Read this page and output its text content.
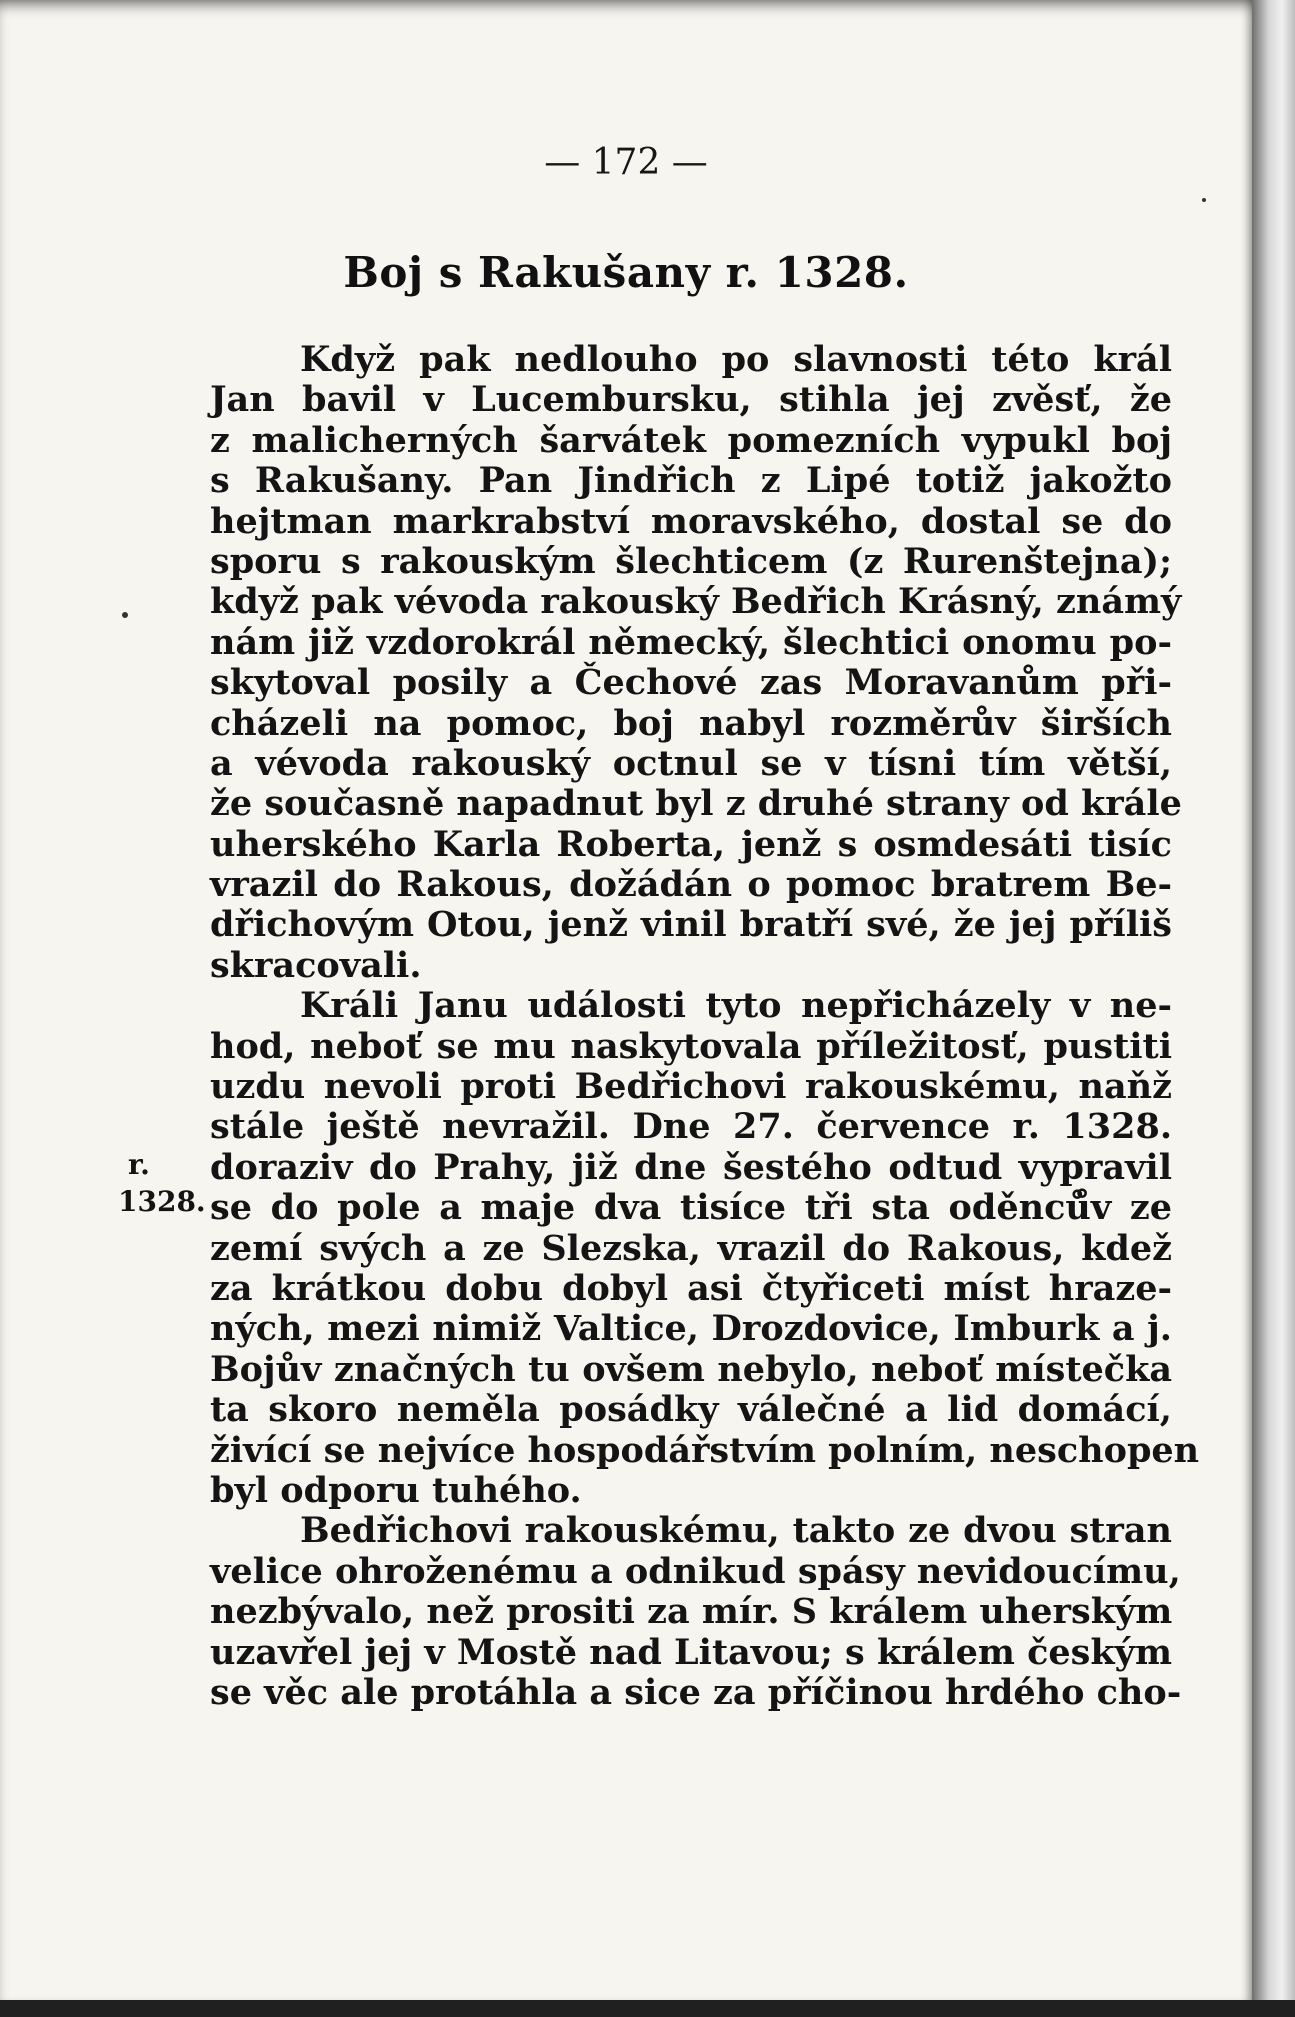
— 172 —
Boj s Rakušany r. 1328.
r.
1328.
Když pak nedlouho po slavnosti této král
Jan bavil v Lucembursku, stihla jej zvěsť, že
z malicherných šarvátek pomezních vypukl boj
s Rakušany. Pan Jindřich z Lipé totiž jakožto
hejtman markrabství moravského, dostal se do
sporu s rakouským šlechticem (z Rurenštejna);
když pak vévoda rakouský Bedřich Krásný, známý
nám již vzdorokrál německý, šlechtici onomu po-
skytoval posily a Čechové zas Moravanům při-
cházeli na pomoc, boj nabyl rozměrův širších
a vévoda rakouský octnul se v tísni tím větší,
že současně napadnut byl z druhé strany od krále
uherského Karla Roberta, jenž s osmdesáti tisíc
vrazil do Rakous, dožádán o pomoc bratrem Be-
dřichovým Otou, jenž vinil bratří své, že jej příliš
skracovali.
Králi Janu události tyto nepřicházely v ne-
hod, neboť se mu naskytovala příležitosť, pustiti
uzdu nevoli proti Bedřichovi rakouskému, naňž
stále ještě nevražil. Dne 27. července r. 1328.
doraziv do Prahy, již dne šestého odtud vypravil
se do pole a maje dva tisíce tři sta oděnců̊v ze
zemí svých a ze Slezska, vrazil do Rakous, kdež
za krátkou dobu dobyl asi čtyřiceti míst hraze-
ných, mezi nimiž Valtice, Drozdovice, Imburk a j.
Bojův značných tu ovšem nebylo, neboť místečka
ta skoro neměla posádky válečné a lid domácí,
živící se nejvíce hospodářstvím polním, neschopen
byl odporu tuhého.
Bedřichovi rakouskému, takto ze dvou stran
velice ohroženému a odnikud spásy nevidoucímu,
nezbývalo, než prositi za mír. S králem uherským
uzavřel jej v Mostě nad Litavou; s králem českým
se věc ale protáhla a sice za příčinou hrdého cho-
